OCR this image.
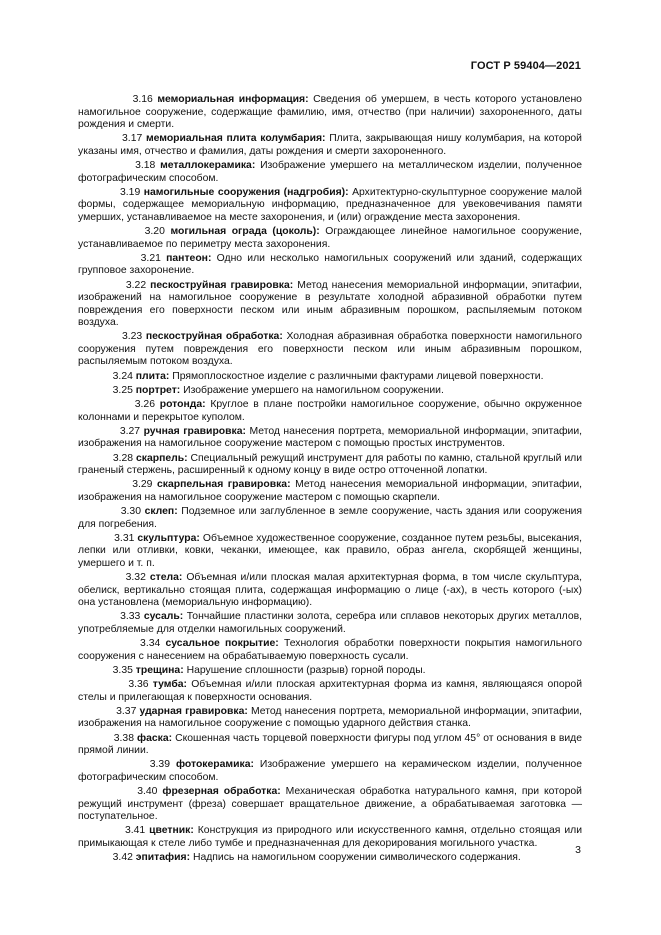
ГОСТ Р 59404—2021

3.16 мемориальная информация: Сведения об умершем, в честь которого установлено намогильное сооружение, содержащие фамилию, имя, отчество (при наличии) захороненного, даты рождения и смерти.

3.17 мемориальная плита колумбария: Плита, закрывающая нишу колумбария, на которой указаны имя, отчество и фамилия, даты рождения и смерти захороненного.

3.18 металлокерамика: Изображение умершего на металлическом изделии, полученное фотографическим способом.

3.19 намогильные сооружения (надгробия): Архитектурно-скульптурное сооружение малой формы, содержащее мемориальную информацию, предназначенное для увековечивания памяти умерших, устанавливаемое на месте захоронения, и (или) ограждение места захоронения.

3.20 могильная ограда (цоколь): Ограждающее линейное намогильное сооружение, устанавливаемое по периметру места захоронения.

3.21 пантеон: Одно или несколько намогильных сооружений или зданий, содержащих групповое захоронение.

3.22 пескоструйная гравировка: Метод нанесения мемориальной информации, эпитафии, изображений на намогильное сооружение в результате холодной абразивной обработки путем повреждения его поверхности песком или иным абразивным порошком, распыляемым потоком воздуха.

3.23 пескоструйная обработка: Холодная абразивная обработка поверхности намогильного сооружения путем повреждения его поверхности песком или иным абразивным порошком, распыляемым потоком воздуха.

3.24 плита: Прямоплоскостное изделие с различными фактурами лицевой поверхности.

3.25 портрет: Изображение умершего на намогильном сооружении.

3.26 ротонда: Круглое в плане постройки намогильное сооружение, обычно окруженное колоннами и перекрытое куполом.

3.27 ручная гравировка: Метод нанесения портрета, мемориальной информации, эпитафии, изображения на намогильное сооружение мастером с помощью простых инструментов.

3.28 скарпель: Специальный режущий инструмент для работы по камню, стальной круглый или граненый стержень, расширенный к одному концу в виде остро отточенной лопатки.

3.29 скарпельная гравировка: Метод нанесения мемориальной информации, эпитафии, изображения на намогильное сооружение мастером с помощью скарпели.

3.30 склеп: Подземное или заглубленное в земле сооружение, часть здания или сооружения для погребения.

3.31 скульптура: Объемное художественное сооружение, созданное путем резьбы, высекания, лепки или отливки, ковки, чеканки, имеющее, как правило, образ ангела, скорбящей женщины, умершего и т. п.

3.32 стела: Объемная и/или плоская малая архитектурная форма, в том числе скульптура, обелиск, вертикально стоящая плита, содержащая информацию о лице (-ах), в честь которого (-ых) она установлена (мемориальную информацию).

3.33 сусаль: Тончайшие пластинки золота, серебра или сплавов некоторых других металлов, употребляемые для отделки намогильных сооружений.

3.34 сусальное покрытие: Технология обработки поверхности покрытия намогильного сооружения с нанесением на обрабатываемую поверхность сусали.

3.35 трещина: Нарушение сплошности (разрыв) горной породы.

3.36 тумба: Объемная и/или плоская архитектурная форма из камня, являющаяся опорой стелы и прилегающая к поверхности основания.

3.37 ударная гравировка: Метод нанесения портрета, мемориальной информации, эпитафии, изображения на намогильное сооружение с помощью ударного действия станка.

3.38 фаска: Скошенная часть торцевой поверхности фигуры под углом 45° от основания в виде прямой линии.

3.39 фотокерамика: Изображение умершего на керамическом изделии, полученное фотографическим способом.

3.40 фрезерная обработка: Механическая обработка натурального камня, при которой режущий инструмент (фреза) совершает вращательное движение, а обрабатываемая заготовка — поступательное.

3.41 цветник: Конструкция из природного или искусственного камня, отдельно стоящая или примыкающая к стеле либо тумбе и предназначенная для декорирования могильного участка.

3.42 эпитафия: Надпись на намогильном сооружении символического содержания.

3
